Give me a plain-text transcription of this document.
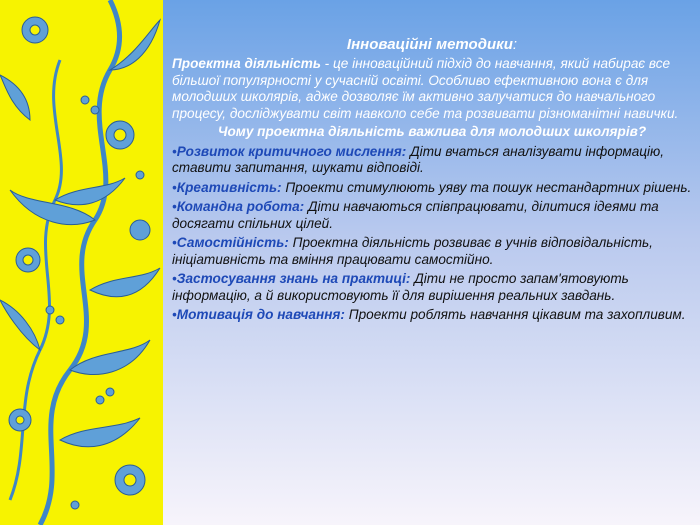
Інноваційні методики:
Проектна діяльність - це інноваційний підхід до навчання, який набирає все більшої популярності у сучасній освіті. Особливо ефективною вона є для молодших школярів, адже дозволяє їм активно залучатися до навчального процесу, досліджувати світ навколо себе та розвивати різноманітні навички.
Чому проектна діяльність важлива для молодших школярів?
•Розвиток критичного мислення: Діти вчаться аналізувати інформацію, ставити запитання, шукати відповіді.
•Креативність: Проекти стимулюють уяву та пошук нестандартних рішень.
•Командна робота: Діти навчаються співпрацювати, ділитися ідеями та досягати спільних цілей.
•Самостійність: Проектна діяльність розвиває в учнів відповідальність, ініціативність та вміння працювати самостійно.
•Застосування знань на практиці: Діти не просто запам'ятовують інформацію, а й використовують її для вирішення реальних завдань.
•Мотивація до навчання: Проекти роблять навчання цікавим та захопливим.
